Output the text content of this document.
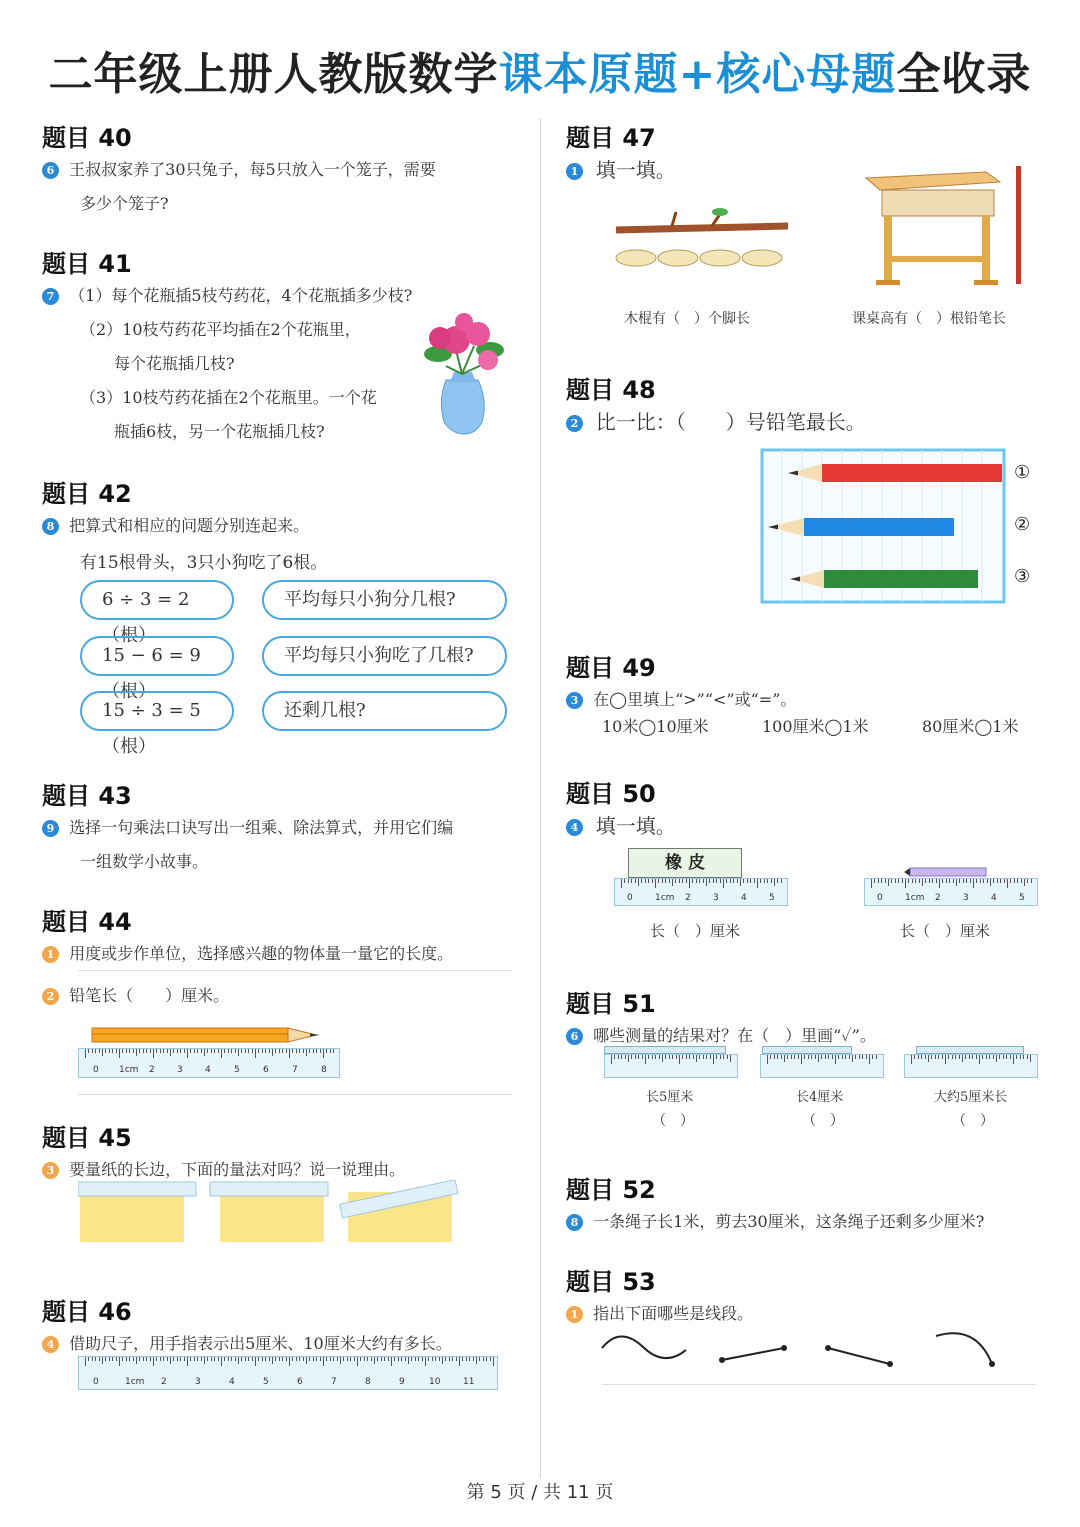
二年级上册人教版数学课本原题+核心母题全收录
题目 40
6 王叔叔家养了30只兔子，每5只放入一个笼子，需要
多少个笼子?
题目 41
7 （1）每个花瓶插5枝芍药花，4个花瓶插多少枝?
（2）10枝芍药花平均插在2个花瓶里，
每个花瓶插几枝?
（3）10枝芍药花插在2个花瓶里。一个花
瓶插6枝，另一个花瓶插几枝?
题目 42
8 把算式和相应的问题分别连起来。
有15根骨头，3只小狗吃了6根。
6 ÷ 3 = 2（根）
15 − 6 = 9（根）
15 ÷ 3 = 5（根）
平均每只小狗分几根?
平均每只小狗吃了几根?
还剩几根?
题目 43
9 选择一句乘法口诀写出一组乘、除法算式，并用它们编
一组数学小故事。
题目 44
1 用度或步作单位，选择感兴趣的物体量一量它的长度。
2 铅笔长（　　）厘米。
0 1cm 2 3 4	5	6	7	8
题目 45
3 要量纸的长边，下面的量法对吗？说一说理由。
题目 46
4 借助尺子，用手指表示出5厘米、10厘米大约有多长。
0	1cm 2	3	4	5	6	7	8	9	10	11
题目 47
1 填一填。
木棍有（　）个脚长	课桌高有（　）根铅笔长
题目 48
2 比一比：（　　）号铅笔最长。
①
②
③
题目 49
3 在◯里填上“>”“<”或“=”。
10米◯10厘米	100厘米◯1米	80厘米◯1米
题目 50
4 填一填。
橡 皮
0 1cm 2 3 4 5	0 1cm 2 3 4 5
长（　）厘米	长（　）厘米
题目 51
6 哪些测量的结果对？在（　）里画“✓”。
长5厘米	长4厘米	大约5厘米长
（　）	（　）	（　）
题目 52
8 一条绳子长1米，剪去30厘米，这条绳子还剩多少厘米?
题目 53
1 指出下面哪些是线段。
第 5 页 / 共 11 页
